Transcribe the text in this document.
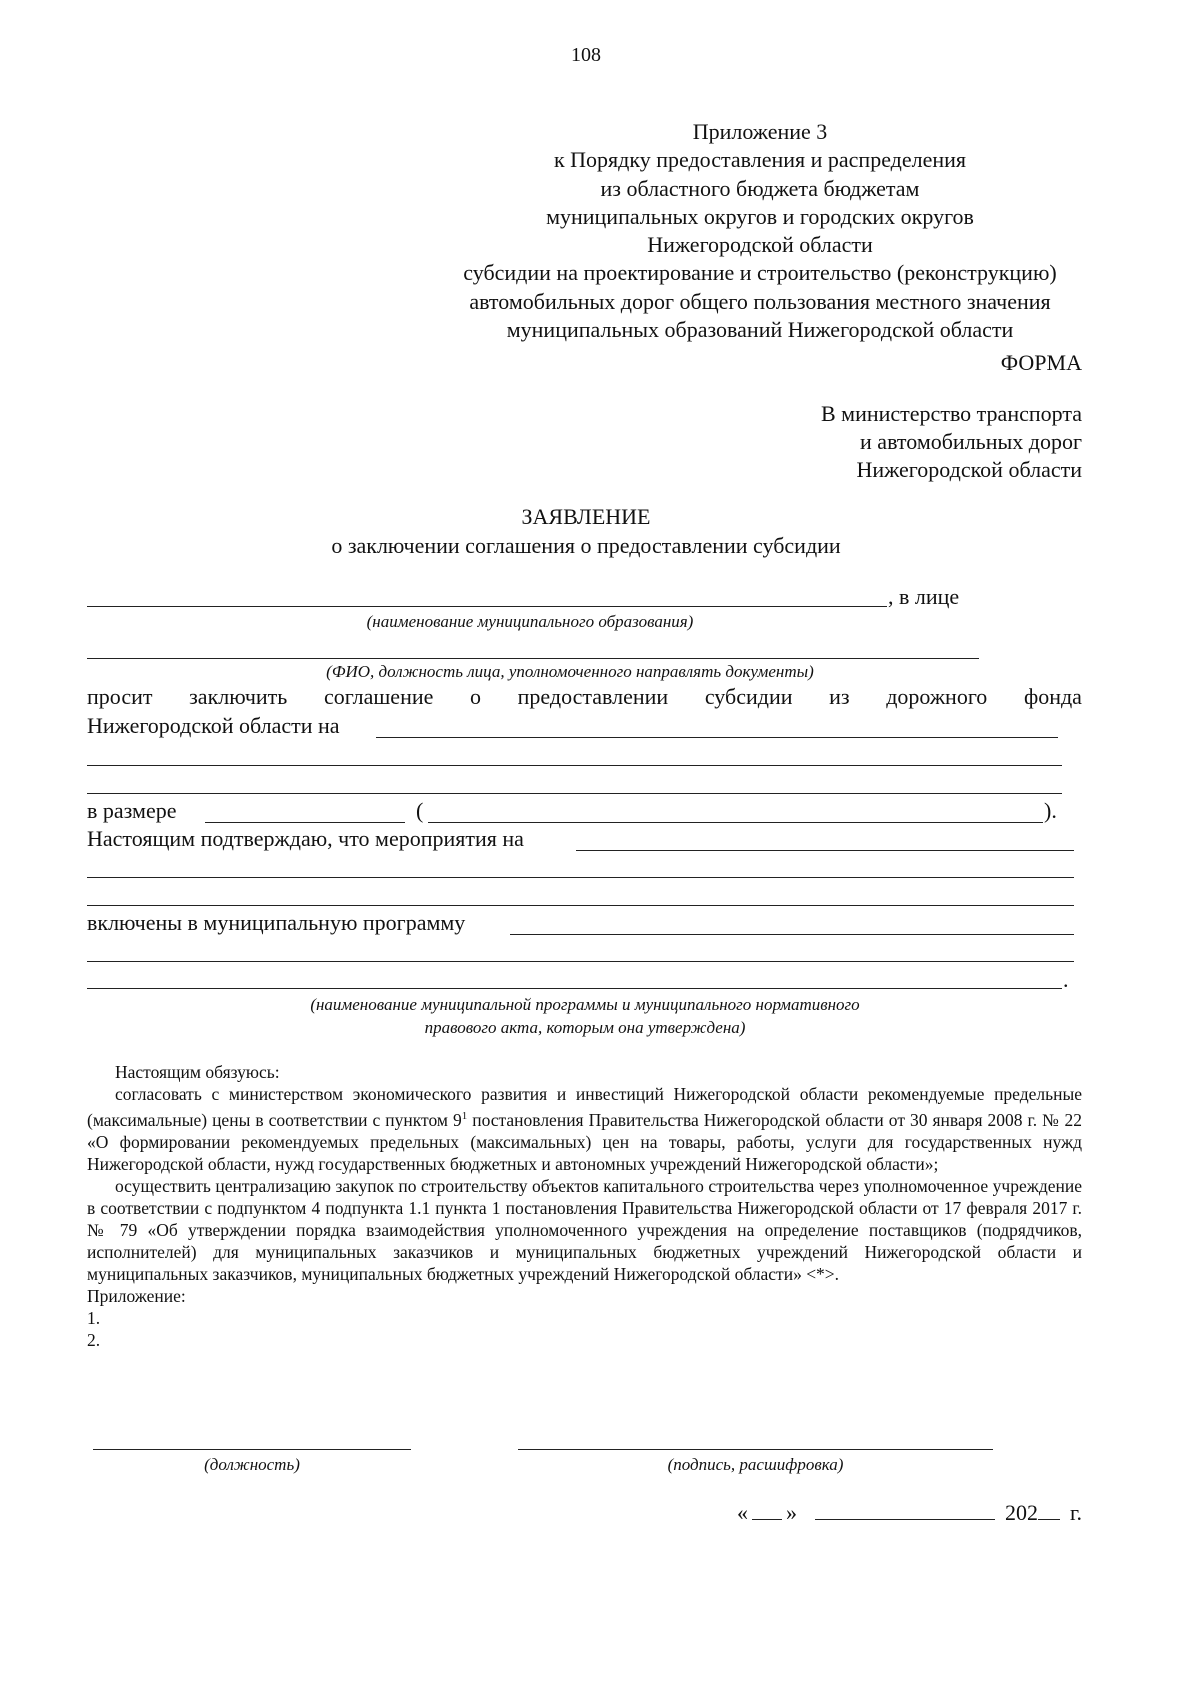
108
Приложение 3
к Порядку предоставления и распределения
из областного бюджета бюджетам
муниципальных округов и городских округов
Нижегородской области
субсидии на проектирование и строительство (реконструкцию)
автомобильных дорог общего пользования местного значения
муниципальных образований Нижегородской области
ФОРМА
В министерство транспорта
и автомобильных дорог
Нижегородской области
ЗАЯВЛЕНИЕ
о заключении соглашения о предоставлении субсидии
, в лице
(наименование муниципального образования)
(ФИО, должность лица, уполномоченного направлять документы)
просит заключить соглашение о предоставлении субсидии из дорожного фонда
Нижегородской области на
в размере	(	).
Настоящим подтверждаю, что мероприятия на
включены в муниципальную программу
.
(наименование муниципальной программы и муниципального нормативного
правового акта, которым она утверждена)

Настоящим обязуюсь:

согласовать с министерством экономического развития и инвестиций Нижегородской области рекомендуемые предельные (максимальные) цены в соответствии с пунктом $9^1$ постановления Правительства Нижегородской области от 30 января 2008 г. № 22 «О формировании рекомендуемых предельных (максимальных) цен на товары, работы, услуги для государственных нужд Нижегородской области, нужд государственных бюджетных и автономных учреждений Нижегородской области»;

осуществить централизацию закупок по строительству объектов капитального строительства через уполномоченное учреждение в соответствии с подпунктом 4 подпункта 1.1 пункта 1 постановления Правительства Нижегородской области от 17 февраля 2017 г. № 79 «Об утверждении порядка взаимодействия уполномоченного учреждения на определение поставщиков (подрядчиков, исполнителей) для муниципальных заказчиков и муниципальных бюджетных учреждений Нижегородской области и муниципальных заказчиков, муниципальных бюджетных учреждений Нижегородской области» <*>.

Приложение:

1.

2.

(должность)	(подпись, расшифровка)
« »	202 г.
